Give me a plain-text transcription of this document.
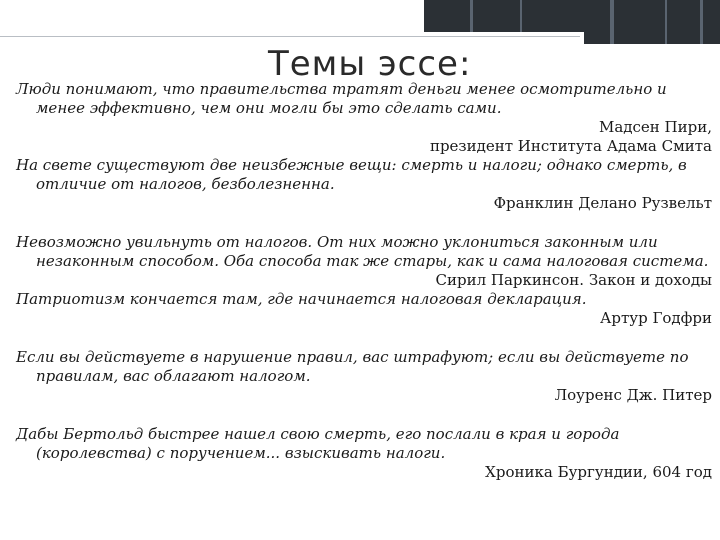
Темы эссе:

Люди понимают, что правительства тратят деньги менее осмотрительно и менее эффективно, чем они могли бы это сделать сами.

Мадсен Пири,

президент Института Адама Смита

На свете существуют две неизбежные вещи: смерть и налоги; однако смерть, в отличие от налогов, безболезненна.

Франклин Делано Рузвельт

Невозможно увильнуть от налогов. От них можно уклониться законным или незаконным способом. Оба способа так же стары, как и сама налоговая система.

Сирил Паркинсон. Закон и доходы

Патриотизм кончается там, где начинается налоговая декларация.

Артур Годфри

Если вы действуете в нарушение правил, вас штрафуют; если вы действуете по правилам, вас облагают налогом.

Лоуренс Дж. Питер

Дабы Бертольд быстрее нашел свою смерть, его послали в края и города (королевства) с поручением... взыскивать налоги.

Хроника Бургундии, 604 год
